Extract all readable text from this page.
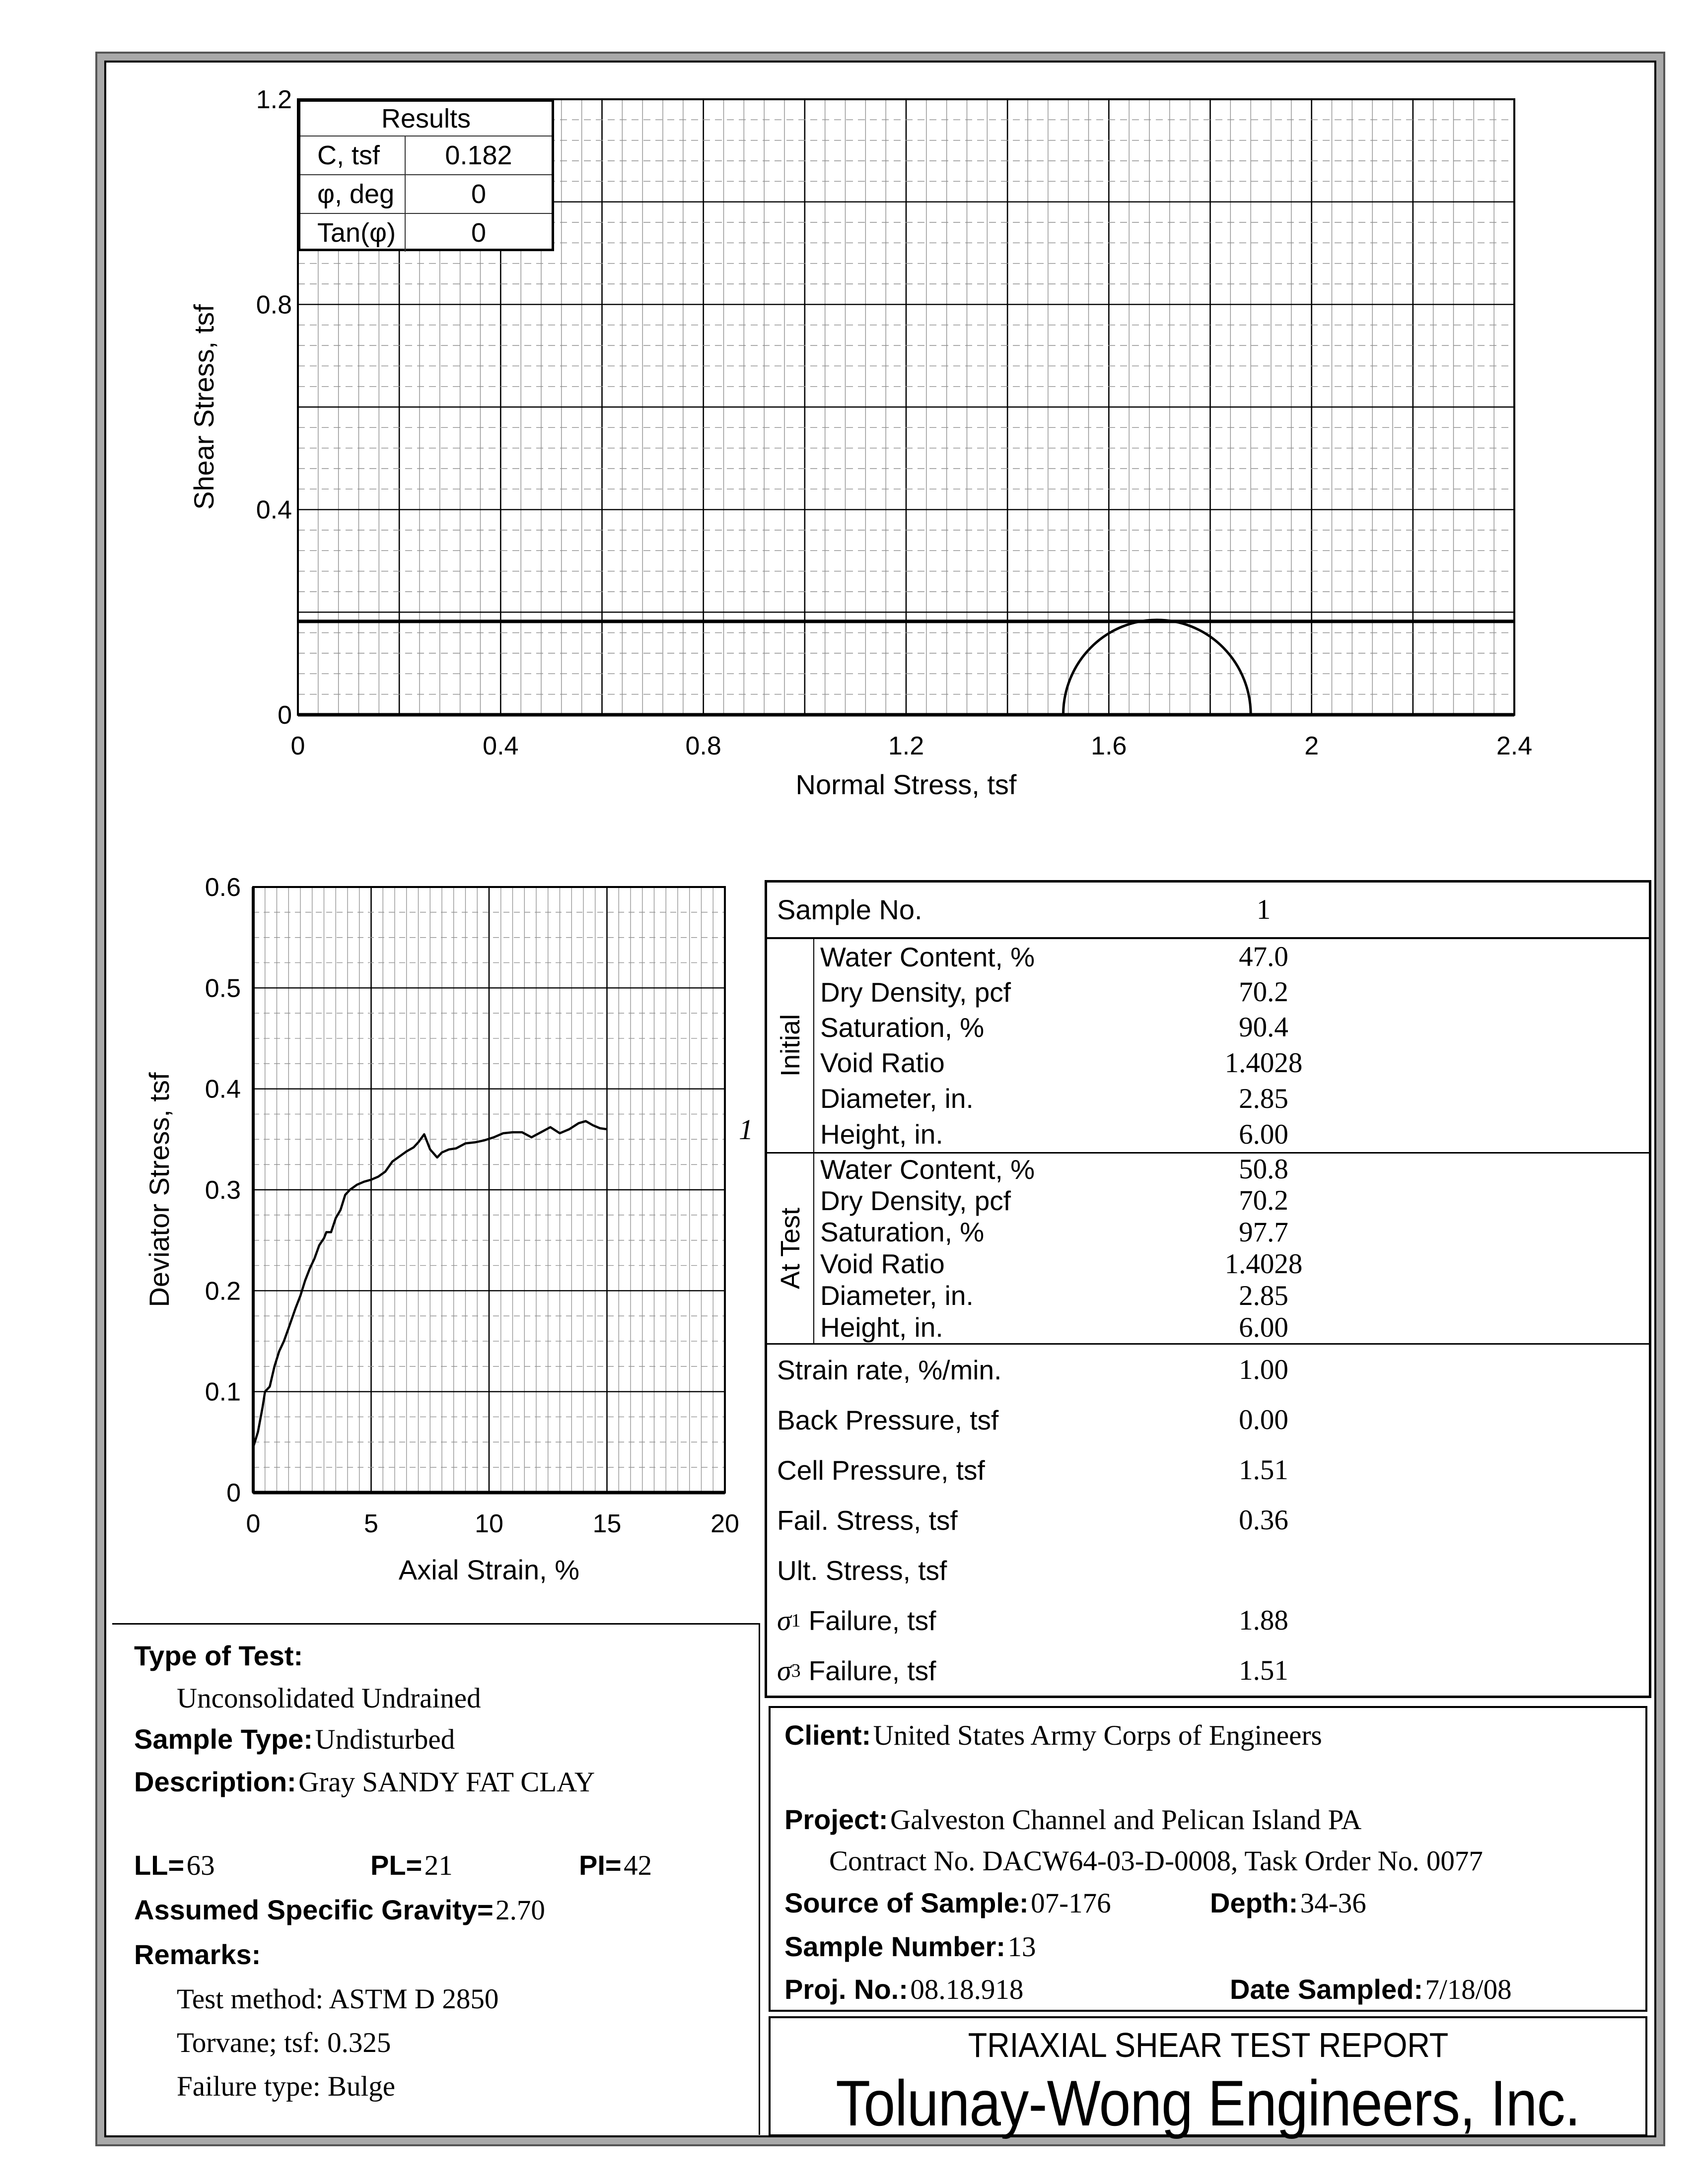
0	0.4	0.8	1.2	1.6	2	2.4
0
0.4
0.8
1.2
Normal Stress, tsf
Shear Stress, tsf
Results
C, tsf	0.182
φ, deg	0
Tan(φ)	0
0	5	10	15	20
0
0.1
0.2
0.3
0.4
0.5
0.6
Axial Strain, %
Deviator Stress, tsf	1
Sample No.	1
Initial
Water Content, %	47.0
Dry Density, pcf	70.2
Saturation, %	90.4
Void Ratio	1.4028
Diameter, in.	2.85
Height, in.	6.00
At Test
Water Content, %	50.8
Dry Density, pcf	70.2
Saturation, %	97.7
Void Ratio	1.4028
Diameter, in.	2.85
Height, in.	6.00
Strain rate, %/min.	1.00
Back Pressure, tsf	0.00
Cell Pressure, tsf	1.51
Fail. Stress, tsf	0.36
Ult. Stress, tsf
σ 1 Failure, tsf	1.88
σ 3 Failure, tsf	1.51
Type of Test:
Unconsolidated Undrained
Sample Type: Undisturbed
Description: Gray SANDY FAT CLAY
LL= 63	PL= 21	PI= 42
Assumed Specific Gravity= 2.70
Remarks:
Test method: ASTM D 2850
Torvane; tsf: 0.325
Failure type: Bulge
Client: United States Army Corps of Engineers
Project: Galveston Channel and Pelican Island PA
Contract No. DACW64-03-D-0008, Task Order No. 0077
Source of Sample: 07-176	Depth: 34-36
Sample Number: 13
Proj. No.: 08.18.918	Date Sampled: 7/18/08
TRIAXIAL SHEAR TEST REPORT
Tolunay-Wong Engineers, Inc.
